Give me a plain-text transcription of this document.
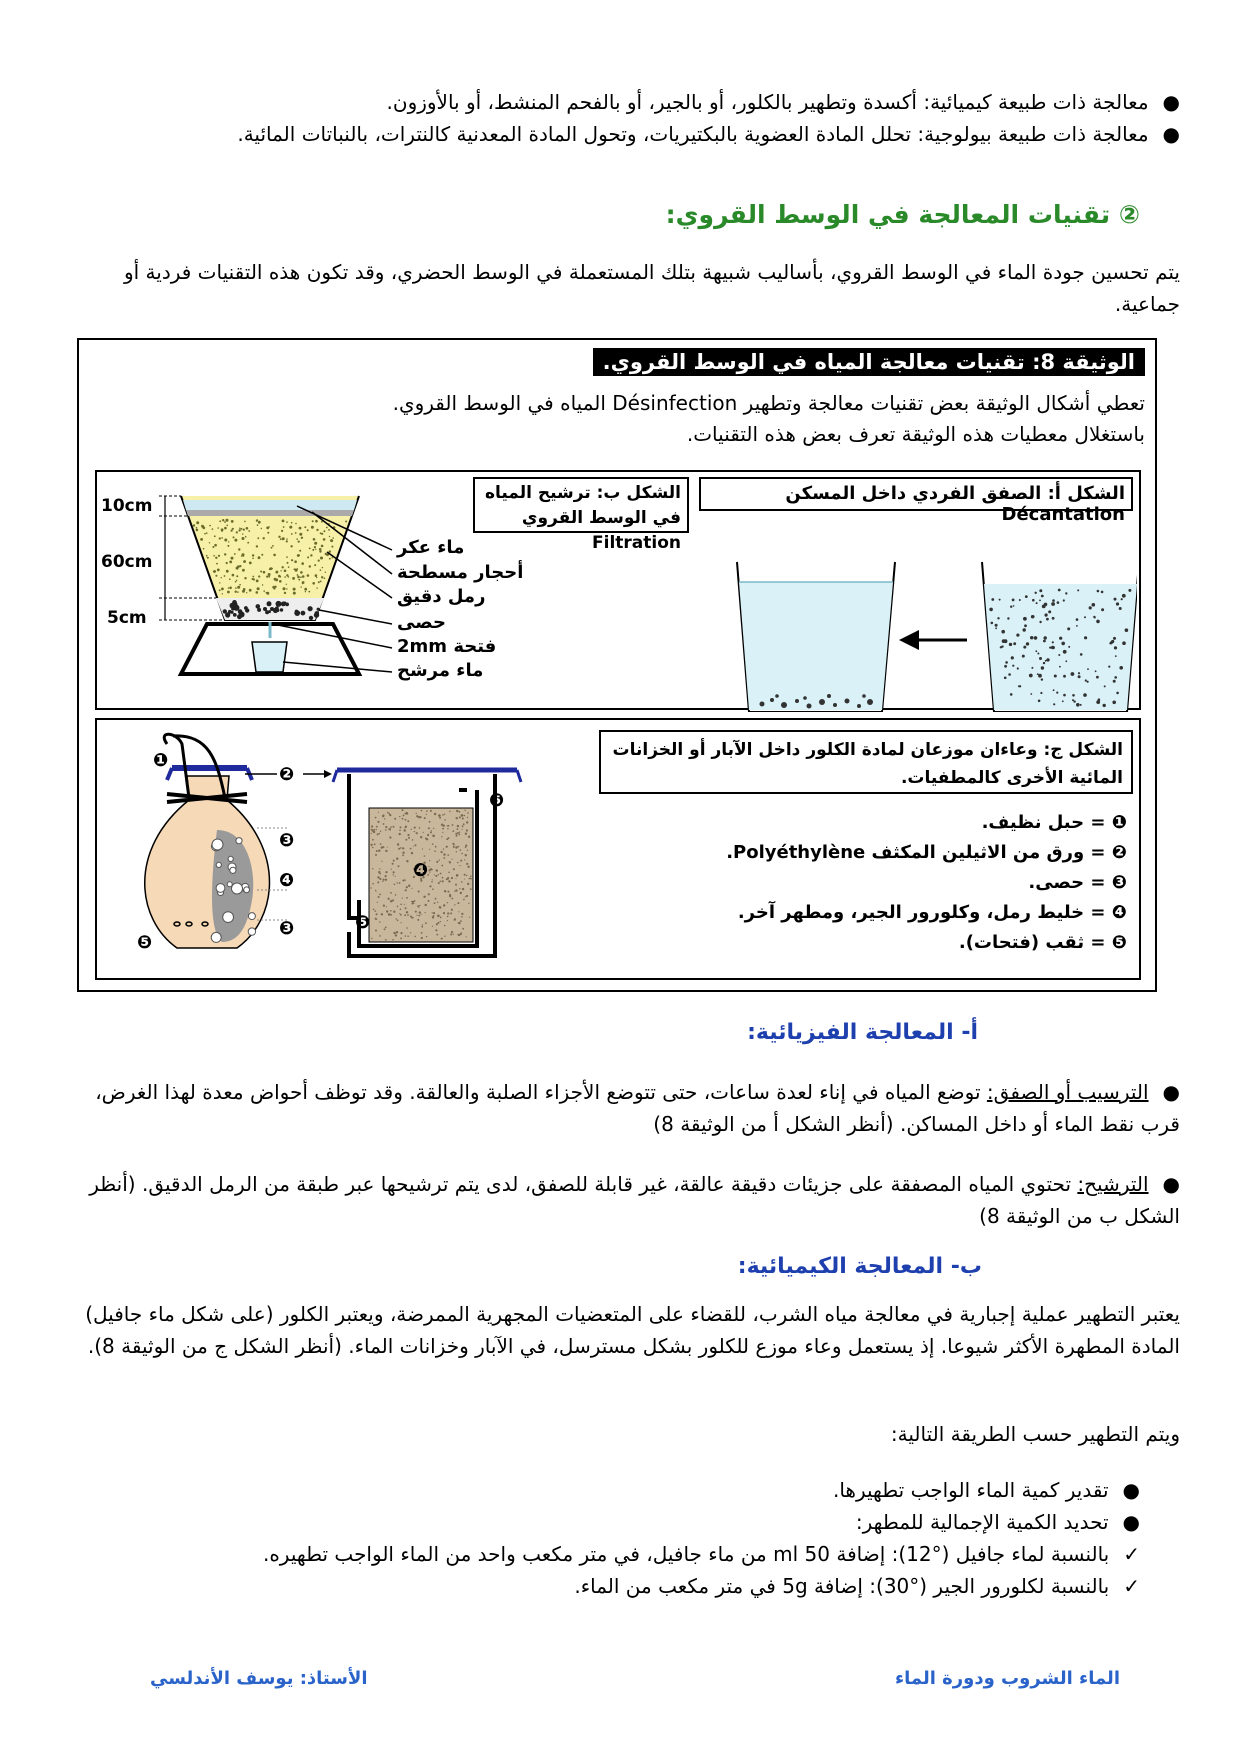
●معالجة ذات طبيعة كيميائية: أكسدة وتطهير بالكلور، أو بالجير، أو بالفحم المنشط، أو بالأوزون.
●معالجة ذات طبيعة بيولوجية: تحلل المادة العضوية بالبكتيريات، وتحول المادة المعدنية كالنترات، بالنباتات المائية.
② تقنيات المعالجة في الوسط القروي:
يتم تحسين جودة الماء في الوسط القروي، بأساليب شبيهة بتلك المستعملة في الوسط الحضري، وقد تكون هذه التقنيات فردية أو جماعية.
الوثيقة 8: تقنيات معالجة المياه في الوسط القروي.
تعطي أشكال الوثيقة بعض تقنيات معالجة وتطهير Désinfection المياه في الوسط القروي.
باستغلال معطيات هذه الوثيقة تعرف بعض هذه التقنيات.
الشكل أ: الصفق الفردي داخل المسكن Décantation
الشكل ب: ترشيح المياه في الوسط القروي Filtration
10cm
60cm
5cm
ماء عكر
أحجار مسطحة
رمل دقيق
حصى
فتحة 2mm
ماء مرشح
الشكل ج: وعاءان موزعان لمادة الكلور داخل الآبار أو الخزانات المائية الأخرى كالمطفيات.
❶ = حبل نظيف.
❷ = ورق من الاثيلين المكثف Polyéthylène.
❸ = حصى.
❹ = خليط رمل، وكلورور الجير، ومطهر آخر.
❺ = ثقب (فتحات).
❶
❷
❸
❹
❸
❺
❺
❹
❺
أ- المعالجة الفيزيائية:
●الترسيب أو الصفق: توضع المياه في إناء لعدة ساعات، حتى تتوضع الأجزاء الصلبة والعالقة. وقد توظف أحواض معدة لهذا الغرض، قرب نقط الماء أو داخل المساكن. (أنظر الشكل أ من الوثيقة 8)
●الترشيح: تحتوي المياه المصفقة على جزيئات دقيقة عالقة، غير قابلة للصفق، لدى يتم ترشيحها عبر طبقة من الرمل الدقيق. (أنظر الشكل ب من الوثيقة 8)
ب- المعالجة الكيميائية:
يعتبر التطهير عملية إجبارية في معالجة مياه الشرب، للقضاء على المتعضيات المجهرية الممرضة، ويعتبر الكلور (على شكل ماء جافيل) المادة المطهرة الأكثر شيوعا. إذ يستعمل وعاء موزع للكلور بشكل مسترسل، في الآبار وخزانات الماء. (أنظر الشكل ج من الوثيقة 8).
ويتم التطهير حسب الطريقة التالية:
●تقدير كمية الماء الواجب تطهيرها.
●تحديد الكمية الإجمالية للمطهر:
✓بالنسبة لماء جافيل (°12): إضافة 50 ml من ماء جافيل، في متر مكعب واحد من الماء الواجب تطهيره.
✓بالنسبة لكلورور الجير (°30): إضافة 5g في متر مكعب من الماء.
الماء الشروب ودورة الماء
الأستاذ: يوسف الأندلسي
